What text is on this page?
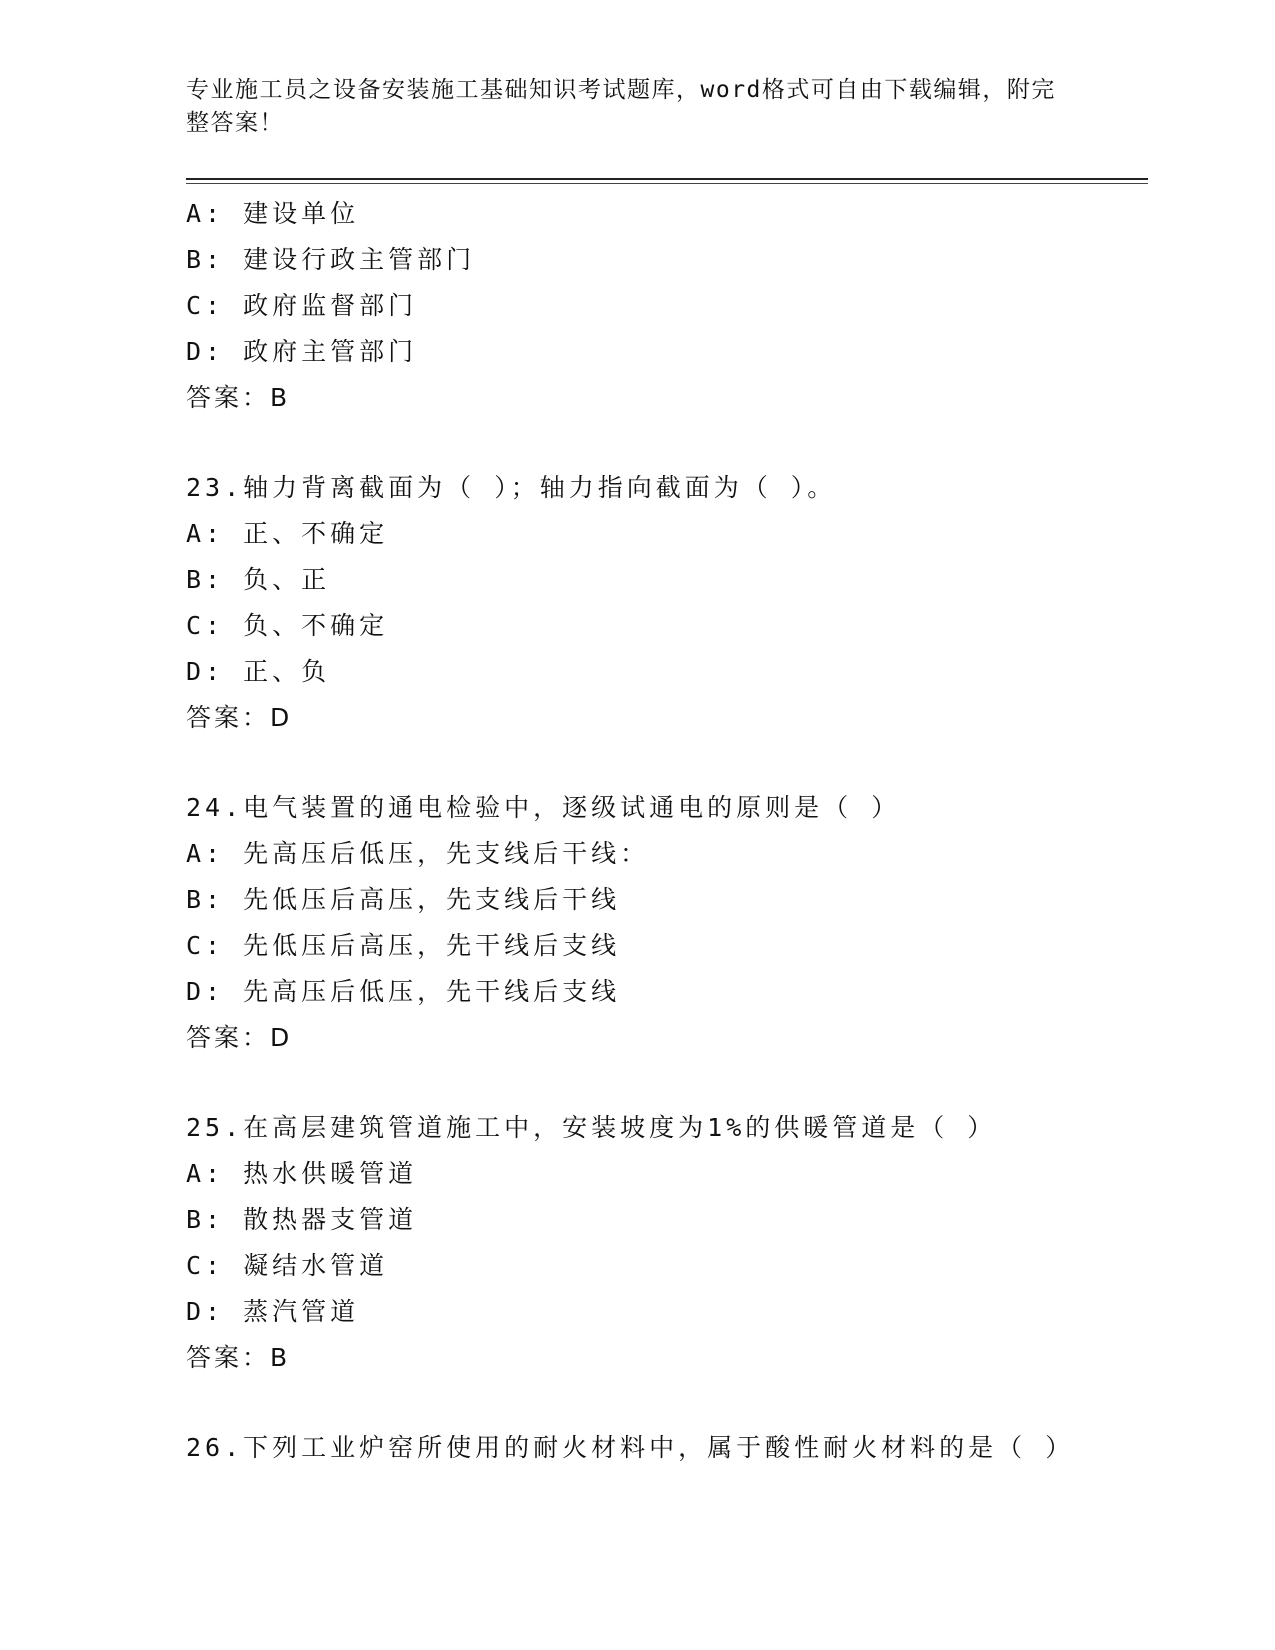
专业施工员之设备安装施工基础知识考试题库，word格式可自由下载编辑，附完
整答案！
A: 建设单位
B: 建设行政主管部门
C: 政府监督部门
D: 政府主管部门
答案：B
23.轴力背离截面为（ ）；轴力指向截面为（ ）。
A: 正、不确定
B: 负、正
C: 负、不确定
D: 正、负
答案：D
24.电气装置的通电检验中，逐级试通电的原则是（ ）
A: 先高压后低压，先支线后干线：
B: 先低压后高压，先支线后干线
C: 先低压后高压，先干线后支线
D: 先高压后低压，先干线后支线
答案：D
25.在高层建筑管道施工中，安装坡度为1%的供暖管道是（ ）
A: 热水供暖管道
B: 散热器支管道
C: 凝结水管道
D: 蒸汽管道
答案：B
26.下列工业炉窑所使用的耐火材料中，属于酸性耐火材料的是（ ）
